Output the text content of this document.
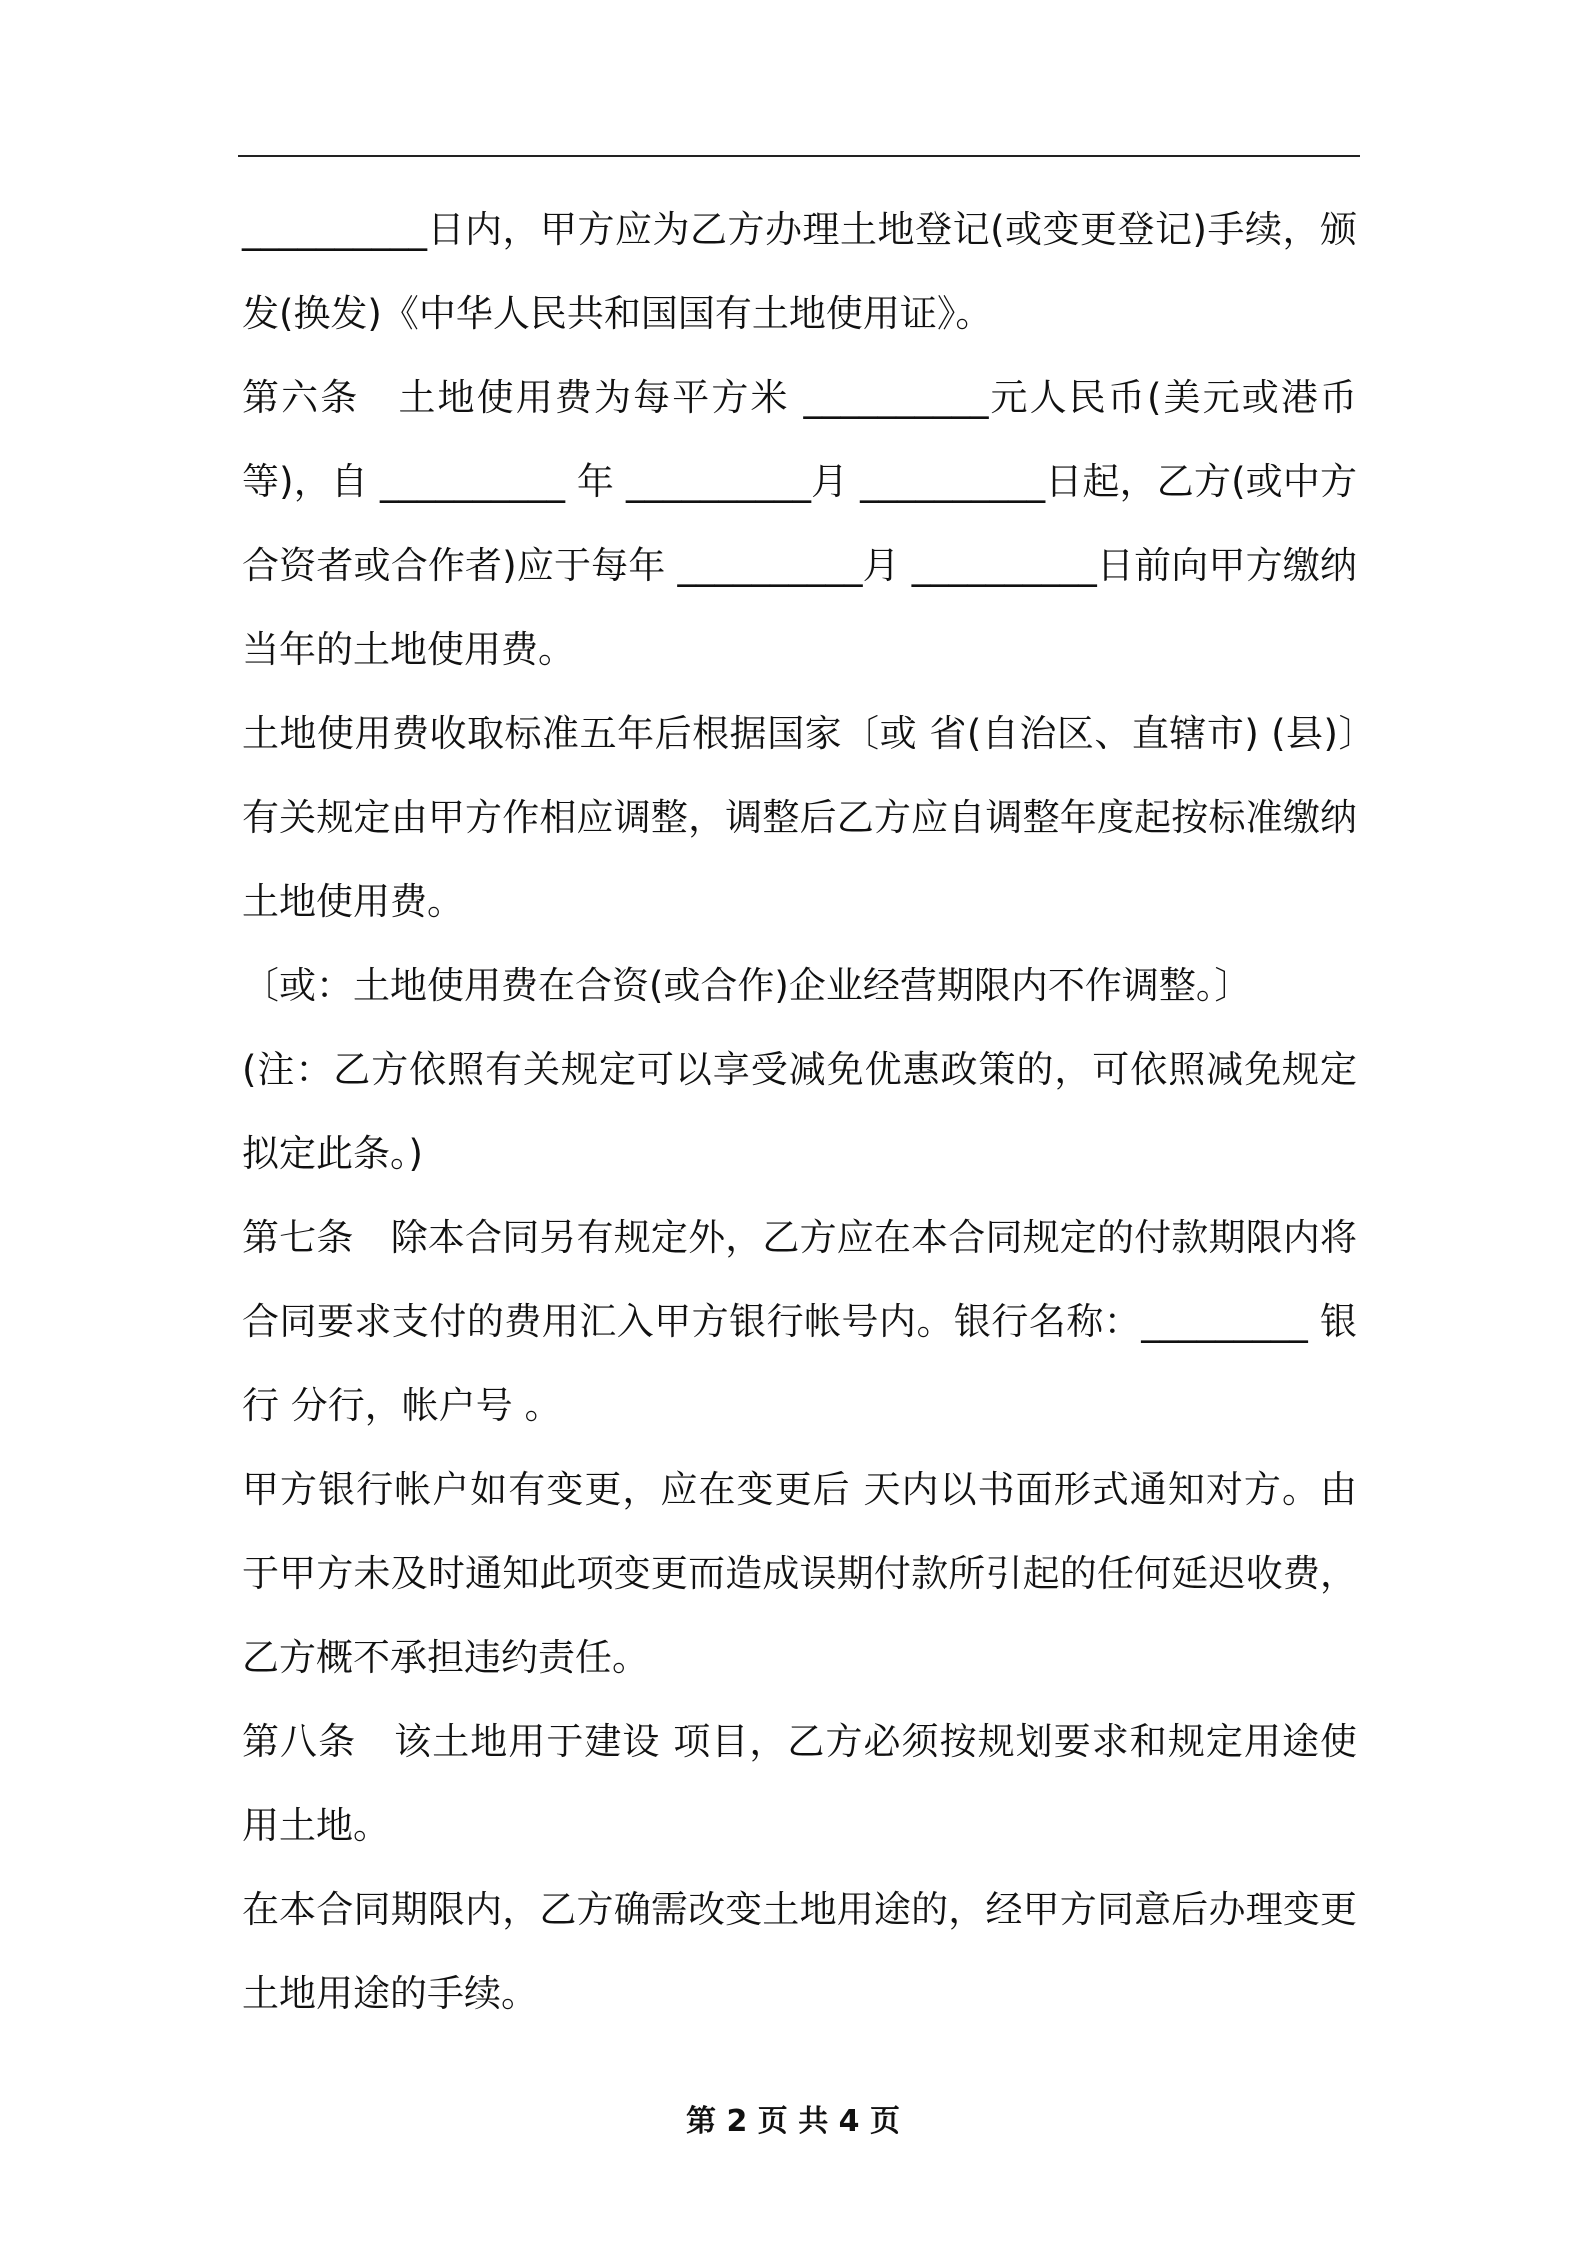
__________日内，甲方应为乙方办理土地登记(或变更登记)手续，颁发(换发)《中华人民共和国国有土地使用证》。

第六条　土地使用费为每平方米 __________元人民币(美元或港币等)，自 __________ 年 __________月 __________日起，乙方(或中方合资者或合作者)应于每年 __________月 __________日前向甲方缴纳当年的土地使用费。

土地使用费收取标准五年后根据国家〔或 省(自治区、直辖市) (县)〕有关规定由甲方作相应调整，调整后乙方应自调整年度起按标准缴纳土地使用费。

〔或：土地使用费在合资(或合作)企业经营期限内不作调整。〕

(注：乙方依照有关规定可以享受减免优惠政策的，可依照减免规定拟定此条。)

第七条　除本合同另有规定外，乙方应在本合同规定的付款期限内将合同要求支付的费用汇入甲方银行帐号内。银行名称：_________ 银行 分行，帐户号 。

甲方银行帐户如有变更，应在变更后 天内以书面形式通知对方。由于甲方未及时通知此项变更而造成误期付款所引起的任何延迟收费，乙方概不承担违约责任。

第八条　该土地用于建设 项目，乙方必须按规划要求和规定用途使用土地。

在本合同期限内，乙方确需改变土地用途的，经甲方同意后办理变更土地用途的手续。

第 2 页 共 4 页
